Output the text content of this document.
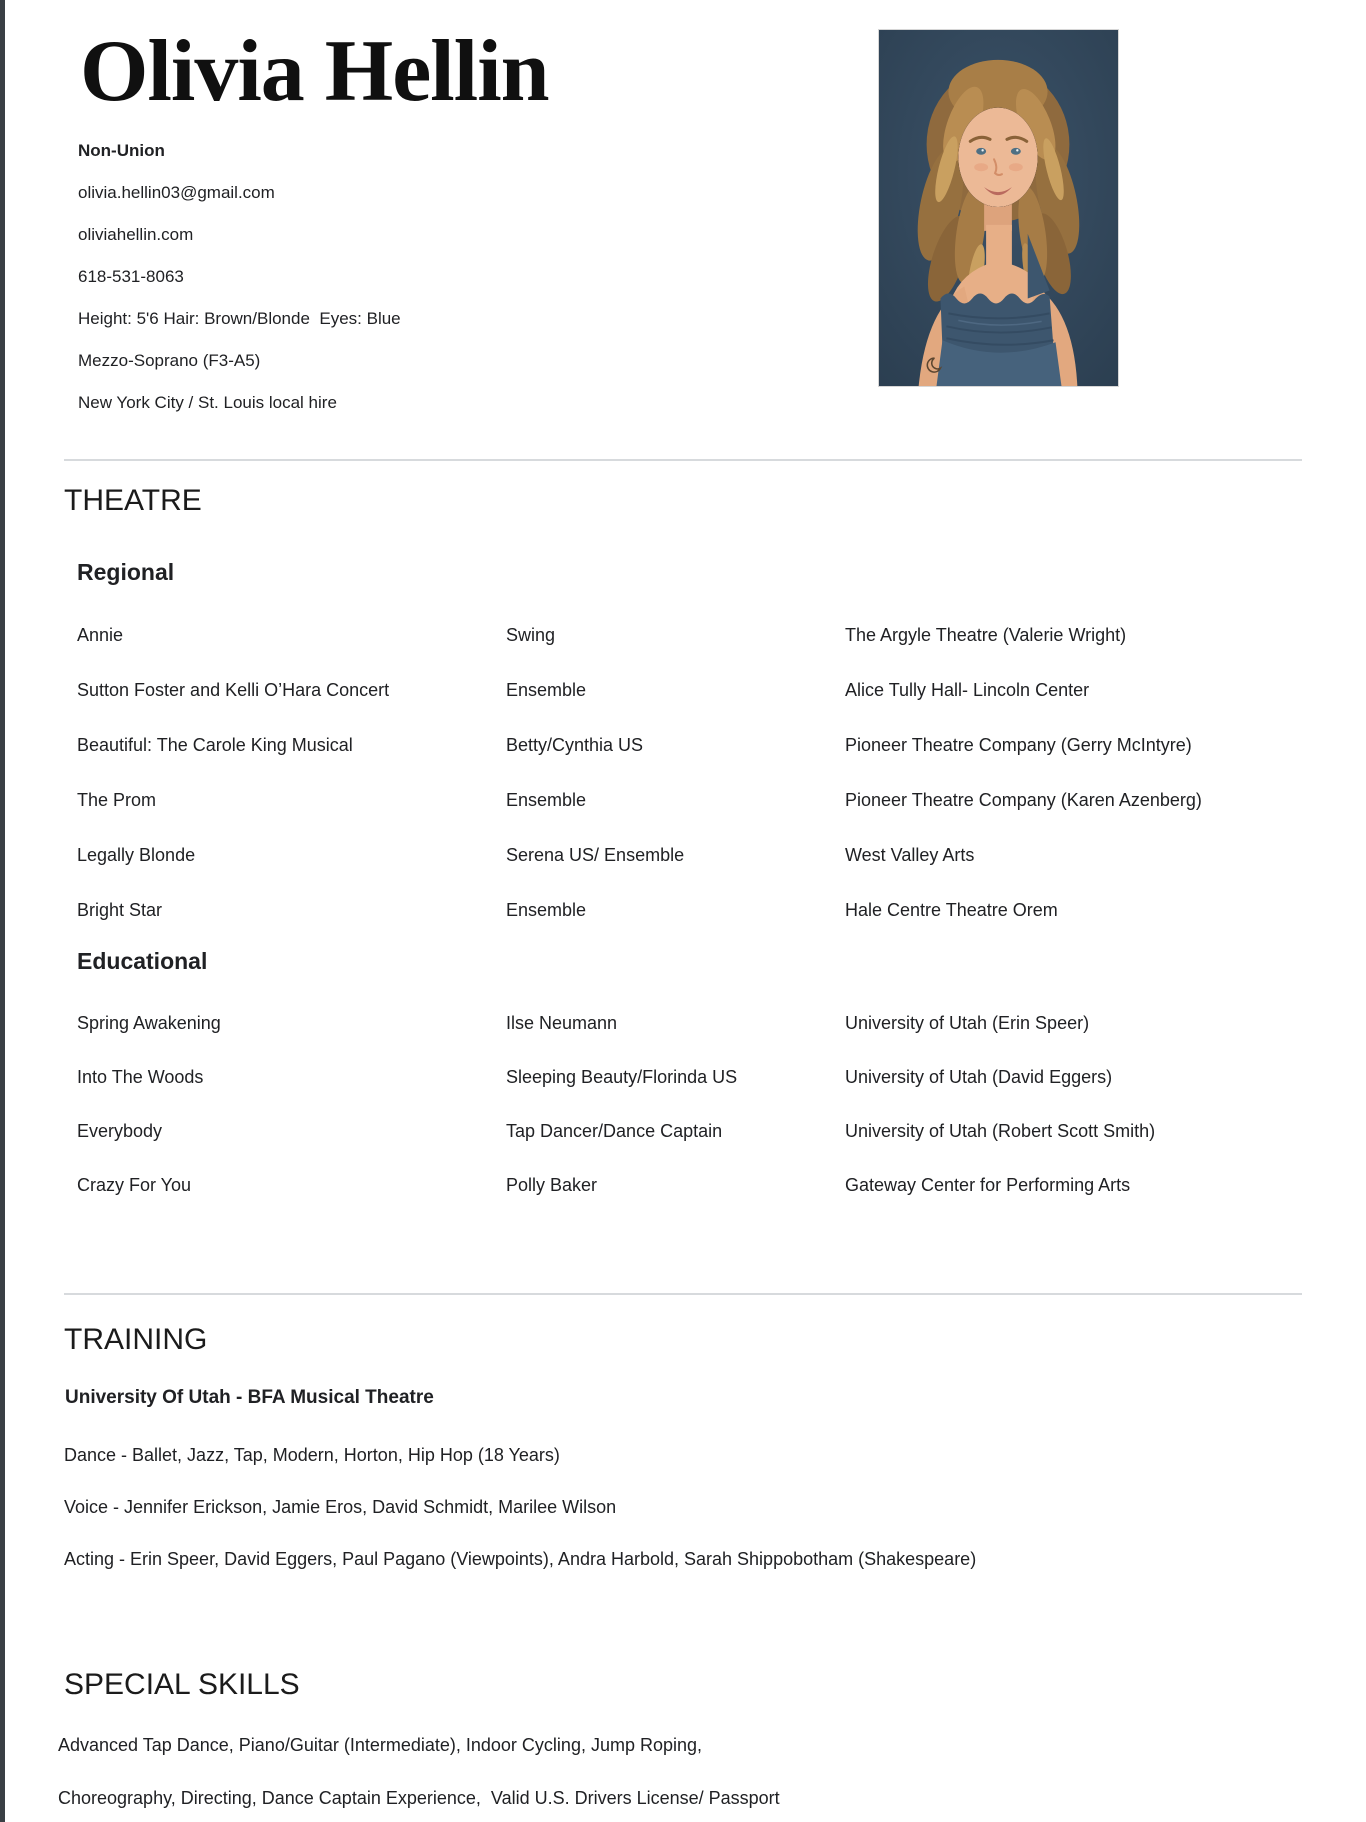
Olivia Hellin
Non-Union
olivia.hellin03@gmail.com
oliviahellin.com
618-531-8063
Height: 5'6 Hair: Brown/Blonde  Eyes: Blue
Mezzo-Soprano (F3-A5)
New York City / St. Louis local hire
THEATRE
Regional
Annie	Swing	The Argyle Theatre (Valerie Wright)
Sutton Foster and Kelli O’Hara Concert	Ensemble	Alice Tully Hall- Lincoln Center
Beautiful: The Carole King Musical	Betty/Cynthia US	Pioneer Theatre Company (Gerry McIntyre)
The Prom	Ensemble	Pioneer Theatre Company (Karen Azenberg)
Legally Blonde	Serena US/ Ensemble	West Valley Arts
Bright Star	Ensemble	Hale Centre Theatre Orem
Educational
Spring Awakening	Ilse Neumann	University of Utah (Erin Speer)
Into The Woods	Sleeping Beauty/Florinda US	University of Utah (David Eggers)
Everybody	Tap Dancer/Dance Captain	University of Utah (Robert Scott Smith)
Crazy For You	Polly Baker	Gateway Center for Performing Arts
TRAINING
University Of Utah - BFA Musical Theatre
Dance - Ballet, Jazz, Tap, Modern, Horton, Hip Hop (18 Years)
Voice - Jennifer Erickson, Jamie Eros, David Schmidt, Marilee Wilson
Acting - Erin Speer, David Eggers, Paul Pagano (Viewpoints), Andra Harbold, Sarah Shippobotham (Shakespeare)
SPECIAL SKILLS
Advanced Tap Dance, Piano/Guitar (Intermediate), Indoor Cycling, Jump Roping,
Choreography, Directing, Dance Captain Experience,  Valid U.S. Drivers License/ Passport
